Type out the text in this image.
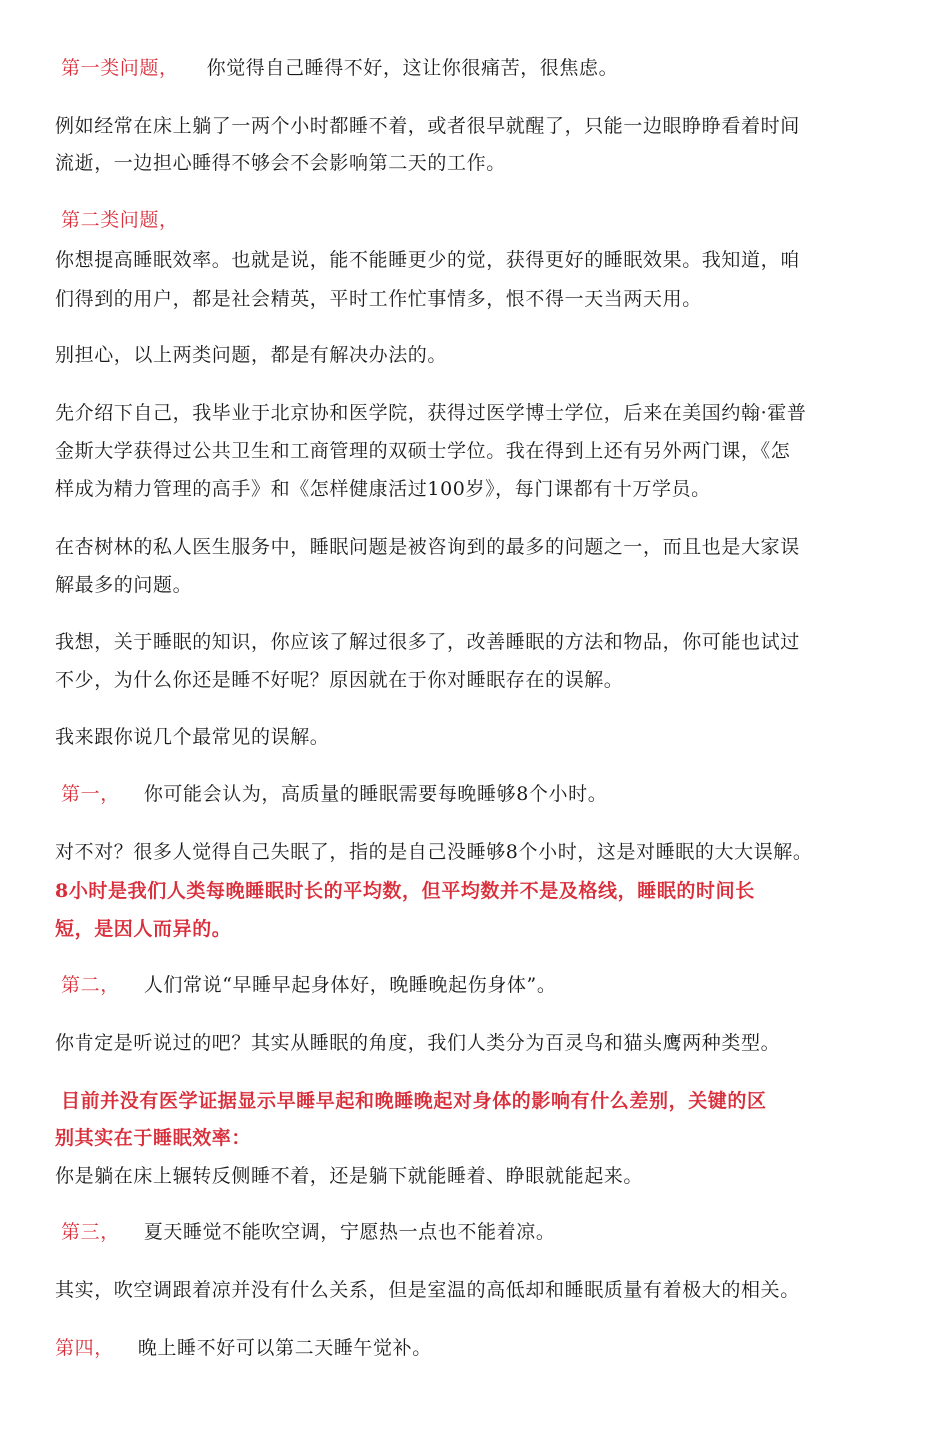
第一类问题， 你觉得自己睡得不好，这让你很痛苦，很焦虑。
例如经常在床上躺了一两个小时都睡不着，或者很早就醒了，只能一边眼睁睁看着时间
流逝，一边担心睡得不够会不会影响第二天的工作。
第二类问题，
你想提高睡眠效率。也就是说，能不能睡更少的觉，获得更好的睡眠效果。我知道，咱
们得到的用户，都是社会精英，平时工作忙事情多，恨不得一天当两天用。
别担心，以上两类问题，都是有解决办法的。
先介绍下自己，我毕业于北京协和医学院，获得过医学博士学位，后来在美国约翰·霍普
金斯大学获得过公共卫生和工商管理的双硕士学位。我在得到上还有另外两门课，《怎
样成为精力管理的高手》和《怎样健康活过100岁》，每门课都有十万学员。
在杏树林的私人医生服务中，睡眠问题是被咨询到的最多的问题之一，而且也是大家误
解最多的问题。
我想，关于睡眠的知识，你应该了解过很多了，改善睡眠的方法和物品，你可能也试过
不少，为什么你还是睡不好呢？原因就在于你对睡眠存在的误解。
我来跟你说几个最常见的误解。
第一， 你可能会认为，高质量的睡眠需要每晚睡够8个小时。
对不对？很多人觉得自己失眠了，指的是自己没睡够8个小时，这是对睡眠的大大误解。
8小时是我们人类每晚睡眠时长的平均数，但平均数并不是及格线，睡眠的时间长
短，是因人而异的。
第二， 人们常说“早睡早起身体好，晚睡晚起伤身体”。
你肯定是听说过的吧？其实从睡眠的角度，我们人类分为百灵鸟和猫头鹰两种类型。
目前并没有医学证据显示早睡早起和晚睡晚起对身体的影响有什么差别，关键的区
别其实在于睡眠效率：
你是躺在床上辗转反侧睡不着，还是躺下就能睡着、睁眼就能起来。
第三， 夏天睡觉不能吹空调，宁愿热一点也不能着凉。
其实，吹空调跟着凉并没有什么关系，但是室温的高低却和睡眠质量有着极大的相关。
第四， 晚上睡不好可以第二天睡午觉补。
